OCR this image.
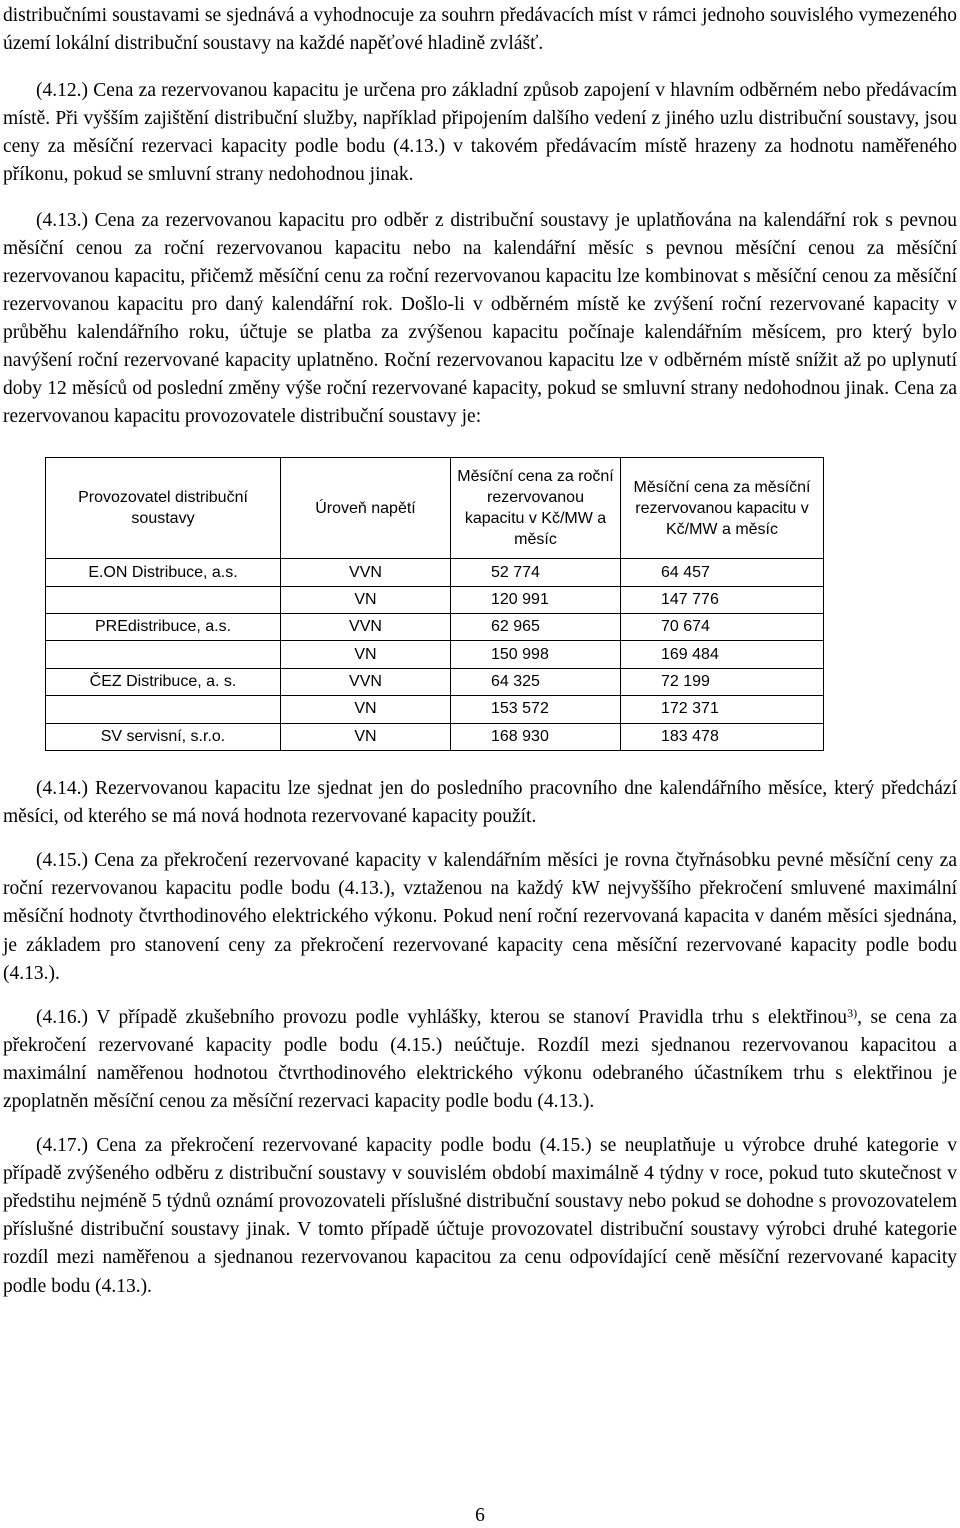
distribučními soustavami se sjednává a vyhodnocuje za souhrn předávacích míst v rámci jednoho souvislého vymezeného území lokální distribuční soustavy na každé napěťové hladině zvlášť.

(4.12.) Cena za rezervovanou kapacitu je určena pro základní způsob zapojení v hlavním odběrném nebo předávacím místě. Při vyšším zajištění distribuční služby, například připojením dalšího vedení z jiného uzlu distribuční soustavy, jsou ceny za měsíční rezervaci kapacity podle bodu (4.13.) v takovém předávacím místě hrazeny za hodnotu naměřeného příkonu, pokud se smluvní strany nedohodnou jinak.

(4.13.) Cena za rezervovanou kapacitu pro odběr z distribuční soustavy je uplatňována na kalendářní rok s pevnou měsíční cenou za roční rezervovanou kapacitu nebo na kalendářní měsíc s pevnou měsíční cenou za měsíční rezervovanou kapacitu, přičemž měsíční cenu za roční rezervovanou kapacitu lze kombinovat s měsíční cenou za měsíční rezervovanou kapacitu pro daný kalendářní rok. Došlo-li v odběrném místě ke zvýšení roční rezervované kapacity v průběhu kalendářního roku, účtuje se platba za zvýšenou kapacitu počínaje kalendářním měsícem, pro který bylo navýšení roční rezervované kapacity uplatněno. Roční rezervovanou kapacitu lze v odběrném místě snížit až po uplynutí doby 12 měsíců od poslední změny výše roční rezervované kapacity, pokud se smluvní strany nedohodnou jinak. Cena za rezervovanou kapacitu provozovatele distribuční soustavy je:

Provozovatel distribuční soustavy	Úroveň napětí	Měsíční cena za roční rezervovanou kapacitu v Kč/MW a měsíc	Měsíční cena za měsíční rezervovanou kapacitu v Kč/MW a měsíc
E.ON Distribuce, a.s.	VVN	52 774	64 457
	VN	120 991	147 776
PREdistribuce, a.s.	VVN	62 965	70 674
	VN	150 998	169 484
ČEZ Distribuce, a. s.	VVN	64 325	72 199
	VN	153 572	172 371
SV servisní, s.r.o.	VN	168 930	183 478

(4.14.) Rezervovanou kapacitu lze sjednat jen do posledního pracovního dne kalendářního měsíce, který předchází měsíci, od kterého se má nová hodnota rezervované kapacity použít.

(4.15.) Cena za překročení rezervované kapacity v kalendářním měsíci je rovna čtyřnásobku pevné měsíční ceny za roční rezervovanou kapacitu podle bodu (4.13.), vztaženou na každý kW nejvyššího překročení smluvené maximální měsíční hodnoty čtvrthodinového elektrického výkonu. Pokud není roční rezervovaná kapacita v daném měsíci sjednána, je základem pro stanovení ceny za překročení rezervované kapacity cena měsíční rezervované kapacity podle bodu (4.13.).

(4.16.) V případě zkušebního provozu podle vyhlášky, kterou se stanoví Pravidla trhu s elektřinou$^{3)}$, se cena za překročení rezervované kapacity podle bodu (4.15.) neúčtuje. Rozdíl mezi sjednanou rezervovanou kapacitou a maximální naměřenou hodnotou čtvrthodinového elektrického výkonu odebraného účastníkem trhu s elektřinou je zpoplatněn měsíční cenou za měsíční rezervaci kapacity podle bodu (4.13.).

(4.17.) Cena za překročení rezervované kapacity podle bodu (4.15.) se neuplatňuje u výrobce druhé kategorie v případě zvýšeného odběru z distribuční soustavy v souvislém období maximálně 4 týdny v roce, pokud tuto skutečnost v předstihu nejméně 5 týdnů oznámí provozovateli příslušné distribuční soustavy nebo pokud se dohodne s provozovatelem příslušné distribuční soustavy jinak. V tomto případě účtuje provozovatel distribuční soustavy výrobci druhé kategorie rozdíl mezi naměřenou a sjednanou rezervovanou kapacitou za cenu odpovídající ceně měsíční rezervované kapacity podle bodu (4.13.).

6
